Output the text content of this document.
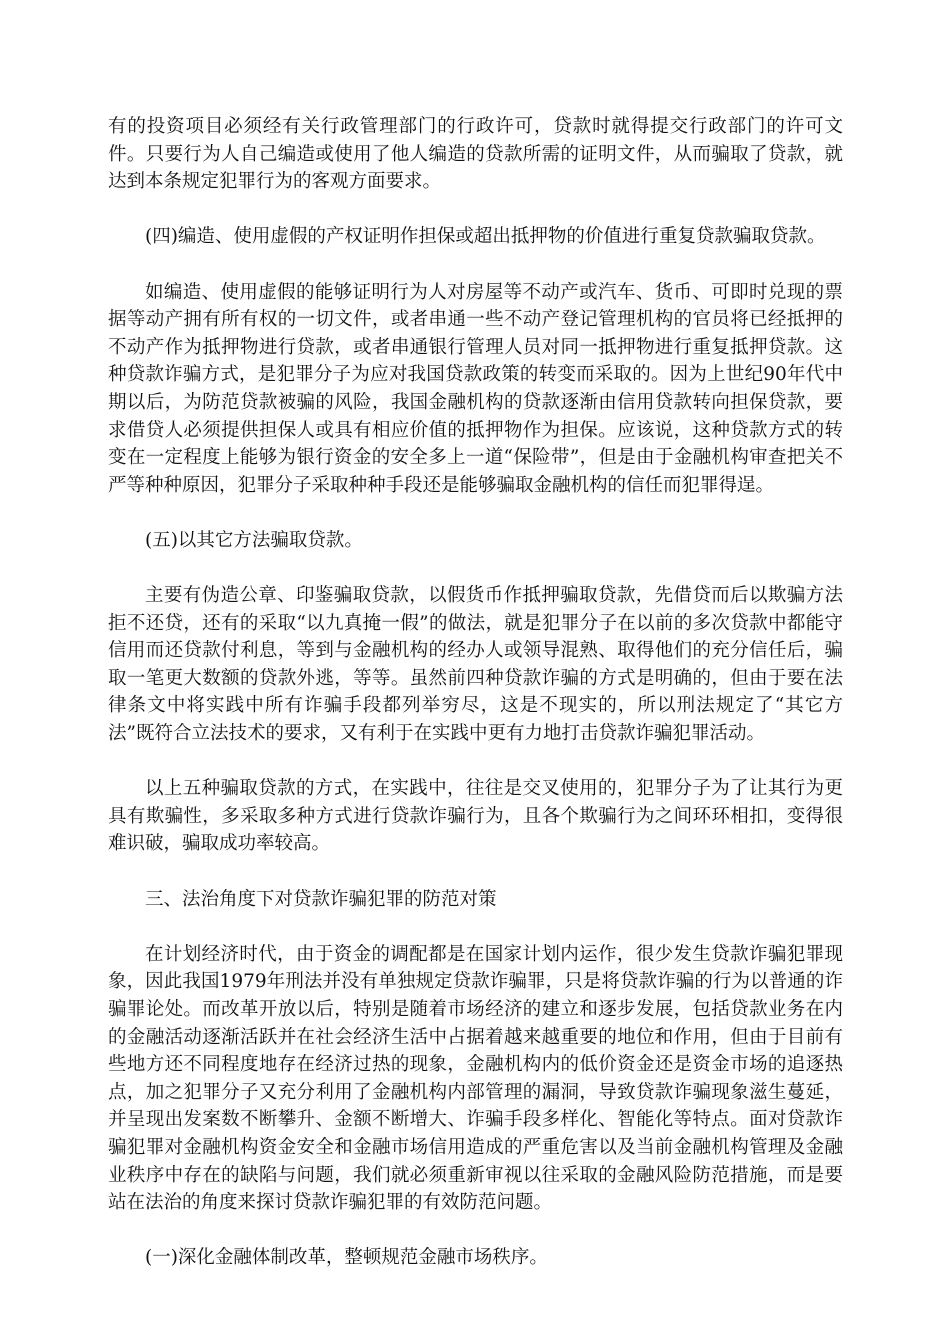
有的投资项目必须经有关行政管理部门的行政许可，贷款时就得提交行政部门的许可文件。只要行为人自己编造或使用了他人编造的贷款所需的证明文件，从而骗取了贷款，就达到本条规定犯罪行为的客观方面要求。

(四)编造、使用虚假的产权证明作担保或超出抵押物的价值进行重复贷款骗取贷款。

如编造、使用虚假的能够证明行为人对房屋等不动产或汽车、货币、可即时兑现的票据等动产拥有所有权的一切文件，或者串通一些不动产登记管理机构的官员将已经抵押的不动产作为抵押物进行贷款，或者串通银行管理人员对同一抵押物进行重复抵押贷款。这种贷款诈骗方式，是犯罪分子为应对我国贷款政策的转变而采取的。因为上世纪90年代中期以后，为防范贷款被骗的风险，我国金融机构的贷款逐渐由信用贷款转向担保贷款，要求借贷人必须提供担保人或具有相应价值的抵押物作为担保。应该说，这种贷款方式的转变在一定程度上能够为银行资金的安全多上一道“保险带”，但是由于金融机构审查把关不严等种种原因，犯罪分子采取种种手段还是能够骗取金融机构的信任而犯罪得逞。

(五)以其它方法骗取贷款。

主要有伪造公章、印鉴骗取贷款，以假货币作抵押骗取贷款，先借贷而后以欺骗方法拒不还贷，还有的采取“以九真掩一假”的做法，就是犯罪分子在以前的多次贷款中都能守信用而还贷款付利息，等到与金融机构的经办人或领导混熟、取得他们的充分信任后，骗取一笔更大数额的贷款外逃，等等。虽然前四种贷款诈骗的方式是明确的，但由于要在法律条文中将实践中所有诈骗手段都列举穷尽，这是不现实的，所以刑法规定了“其它方法”既符合立法技术的要求，又有利于在实践中更有力地打击贷款诈骗犯罪活动。

以上五种骗取贷款的方式，在实践中，往往是交叉使用的，犯罪分子为了让其行为更具有欺骗性，多采取多种方式进行贷款诈骗行为，且各个欺骗行为之间环环相扣，变得很难识破，骗取成功率较高。

三、法治角度下对贷款诈骗犯罪的防范对策

在计划经济时代，由于资金的调配都是在国家计划内运作，很少发生贷款诈骗犯罪现象，因此我国1979年刑法并没有单独规定贷款诈骗罪，只是将贷款诈骗的行为以普通的诈骗罪论处。而改革开放以后，特别是随着市场经济的建立和逐步发展，包括贷款业务在内的金融活动逐渐活跃并在社会经济生活中占据着越来越重要的地位和作用，但由于目前有些地方还不同程度地存在经济过热的现象，金融机构内的低价资金还是资金市场的追逐热点，加之犯罪分子又充分利用了金融机构内部管理的漏洞，导致贷款诈骗现象滋生蔓延，并呈现出发案数不断攀升、金额不断增大、诈骗手段多样化、智能化等特点。面对贷款诈骗犯罪对金融机构资金安全和金融市场信用造成的严重危害以及当前金融机构管理及金融业秩序中存在的缺陷与问题，我们就必须重新审视以往采取的金融风险防范措施，而是要站在法治的角度来探讨贷款诈骗犯罪的有效防范问题。

(一)深化金融体制改革，整顿规范金融市场秩序。
